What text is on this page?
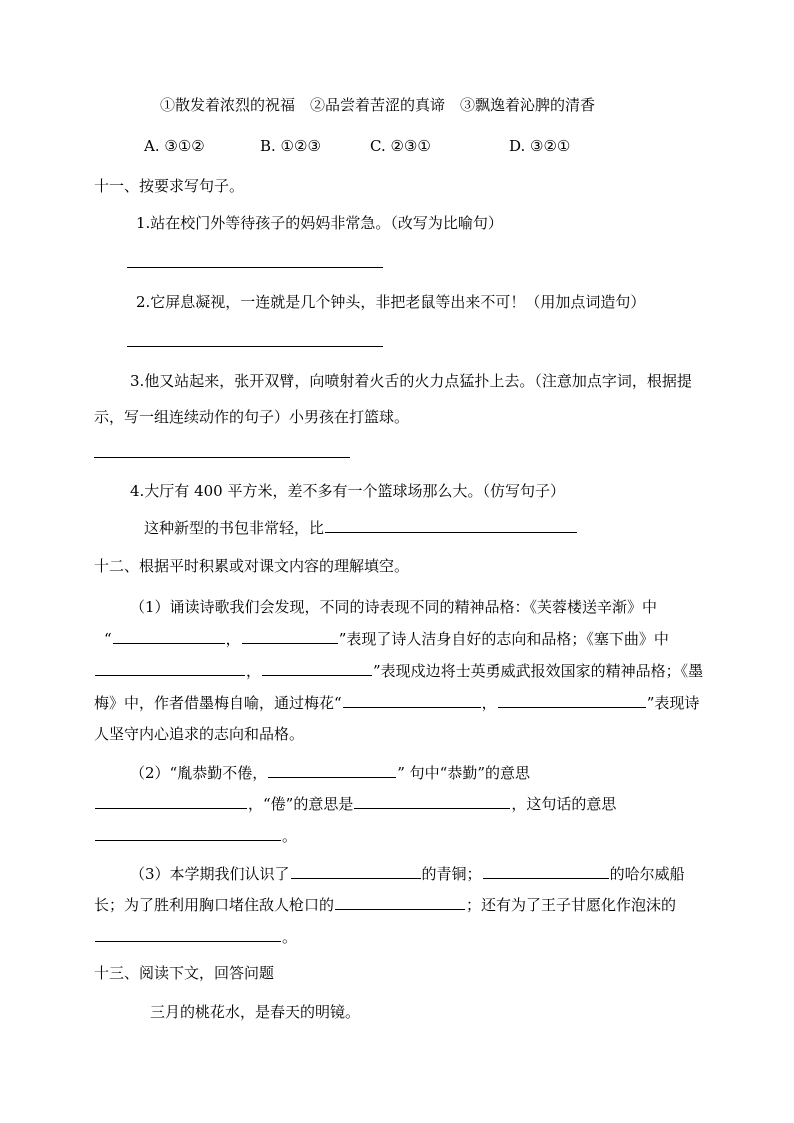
①散发着浓烈的祝福　②品尝着苦涩的真谛　③飘逸着沁脾的清香
A. ③①②	B. ①②③	C. ②③①	D. ③②①
十一、按要求写句子。
1.站在校门外等待孩子的妈妈非常急。（改写为比喻句）
2.它屏息凝视，一连就是几个钟头，非把老鼠等出来不可！（用加点词造句）
3.他又站起来，张开双臂，向喷射着火舌的火力点猛扑上去。（注意加点字词，根据提
示，写一组连续动作的句子）小男孩在打篮球。
4.大厅有 400 平方米，差不多有一个篮球场那么大。（仿写句子）
这种新型的书包非常轻，比
十二、根据平时积累或对课文内容的理解填空。
（1）诵读诗歌我们会发现，不同的诗表现不同的精神品格：《芙蓉楼送辛渐》中
“	，	”表现了诗人洁身自好的志向和品格；《塞下曲》中
，	”表现戍边将士英勇威武报效国家的精神品格；《墨
梅》中，作者借墨梅自喻，通过梅花“	，	”表现诗
人坚守内心追求的志向和品格。
（2）“胤恭勤不倦，	” 句中“恭勤”的意思
，“倦”的意思是	，这句话的意思
。
（3）本学期我们认识了	的青铜；	的哈尔威船
长；为了胜利用胸口堵住敌人枪口的	；还有为了王子甘愿化作泡沫的
。
十三、阅读下文，回答问题
三月的桃花水，是春天的明镜。
